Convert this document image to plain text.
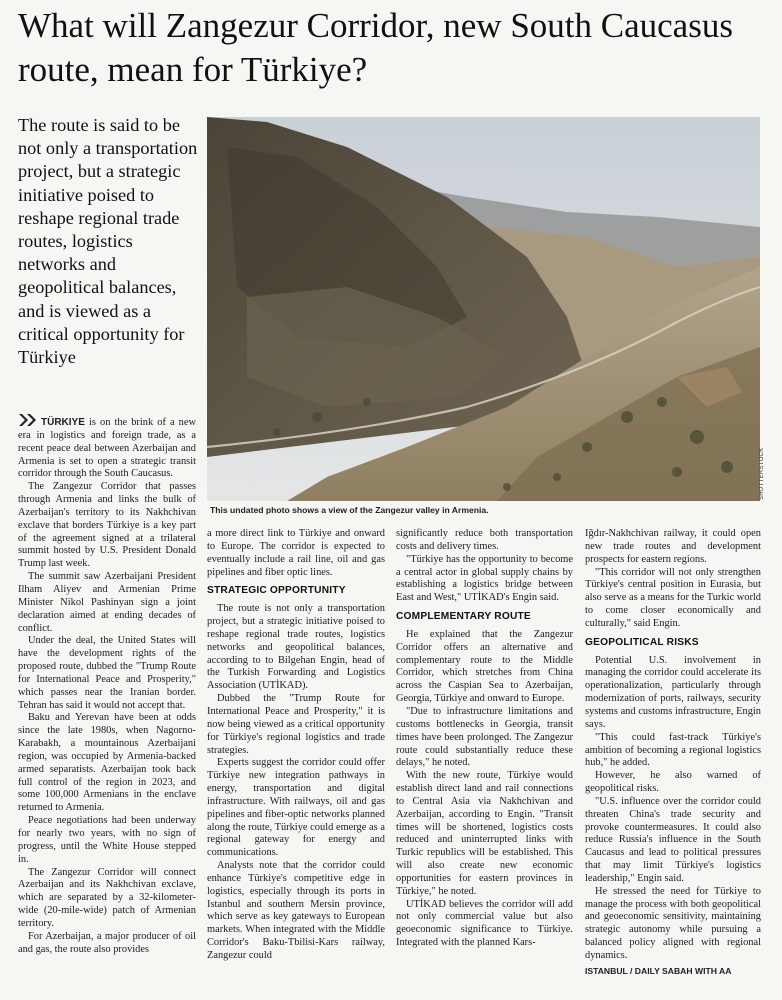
What will Zangezur Corridor, new South Caucasus route, mean for Türkiye?

The route is said to be not only a transportation project, but a strategic initiative poised to reshape regional trade routes, logistics networks and geopolitical balances, and is viewed as a critical opportunity for Türkiye

SHUTTERSTOCK
This undated photo shows a view of the Zangezur valley in Armenia.

TÜRKIYE is on the brink of a new era in logistics and foreign trade, as a recent peace deal between Azerbaijan and Armenia is set to open a strategic transit corridor through the South Caucasus.

The Zangezur Corridor that passes through Armenia and links the bulk of Azerbaijan's territory to its Nakhchivan exclave that borders Türkiye is a key part of the agreement signed at a trilateral summit hosted by U.S. President Donald Trump last week.

The summit saw Azerbaijani President Ilham Aliyev and Armenian Prime Minister Nikol Pashinyan sign a joint declaration aimed at ending decades of conflict.

Under the deal, the United States will have the development rights of the proposed route, dubbed the "Trump Route for International Peace and Prosperity," which passes near the Iranian border. Tehran has said it would not accept that.

Baku and Yerevan have been at odds since the late 1980s, when Nagorno-Karabakh, a mountainous Azerbaijani region, was occupied by Armenia-backed armed separatists. Azerbaijan took back full control of the region in 2023, and some 100,000 Armenians in the enclave returned to Armenia.

Peace negotiations had been underway for nearly two years, with no sign of progress, until the White House stepped in.

The Zangezur Corridor will connect Azerbaijan and its Nakhchivan exclave, which are separated by a 32-kilometer-wide (20-mile-wide) patch of Armenian territory.

For Azerbaijan, a major producer of oil and gas, the route also provides

a more direct link to Türkiye and onward to Europe. The corridor is expected to eventually include a rail line, oil and gas pipelines and fiber optic lines.

STRATEGIC OPPORTUNITY

The route is not only a transportation project, but a strategic initiative poised to reshape regional trade routes, logistics networks and geopolitical balances, according to to Bilgehan Engin, head of the Turkish Forwarding and Logistics Association (UTİKAD).

Dubbed the "Trump Route for International Peace and Prosperity," it is now being viewed as a critical opportunity for Türkiye's regional logistics and trade strategies.

Experts suggest the corridor could offer Türkiye new integration pathways in energy, transportation and digital infrastructure. With railways, oil and gas pipelines and fiber-optic networks planned along the route, Türkiye could emerge as a regional gateway for energy and communications.

Analysts note that the corridor could enhance Türkiye's competitive edge in logistics, especially through its ports in Istanbul and southern Mersin province, which serve as key gateways to European markets. When integrated with the Middle Corridor's Baku-Tbilisi-Kars railway, Zangezur could

significantly reduce both transportation costs and delivery times.

"Türkiye has the opportunity to become a central actor in global supply chains by establishing a logistics bridge between East and West," UTİKAD's Engin said.

COMPLEMENTARY ROUTE

He explained that the Zangezur Corridor offers an alternative and complementary route to the Middle Corridor, which stretches from China across the Caspian Sea to Azerbaijan, Georgia, Türkiye and onward to Europe.

"Due to infrastructure limitations and customs bottlenecks in Georgia, transit times have been prolonged. The Zangezur route could substantially reduce these delays," he noted.

With the new route, Türkiye would establish direct land and rail connections to Central Asia via Nakhchivan and Azerbaijan, according to Engin. "Transit times will be shortened, logistics costs reduced and uninterrupted links with Turkic republics will be established. This will also create new economic opportunities for eastern provinces in Türkiye," he noted.

UTİKAD believes the corridor will add not only commercial value but also geoeconomic significance to Türkiye. Integrated with the planned Kars-

Iğdır-Nakhchivan railway, it could open new trade routes and development prospects for eastern regions.

"This corridor will not only strengthen Türkiye's central position in Eurasia, but also serve as a means for the Turkic world to come closer economically and culturally," said Engin.

GEOPOLITICAL RISKS

Potential U.S. involvement in managing the corridor could accelerate its operationalization, particularly through modernization of ports, railways, security systems and customs infrastructure, Engin says.

"This could fast-track Türkiye's ambition of becoming a regional logistics hub," he added.

However, he also warned of geopolitical risks.

"U.S. influence over the corridor could threaten China's trade security and provoke countermeasures. It could also reduce Russia's influence in the South Caucasus and lead to political pressures that may limit Türkiye's logistics leadership," Engin said.

He stressed the need for Türkiye to manage the process with both geopolitical and geoeconomic sensitivity, maintaining strategic autonomy while pursuing a balanced policy aligned with regional dynamics.

ISTANBUL / DAILY SABAH WITH AA
